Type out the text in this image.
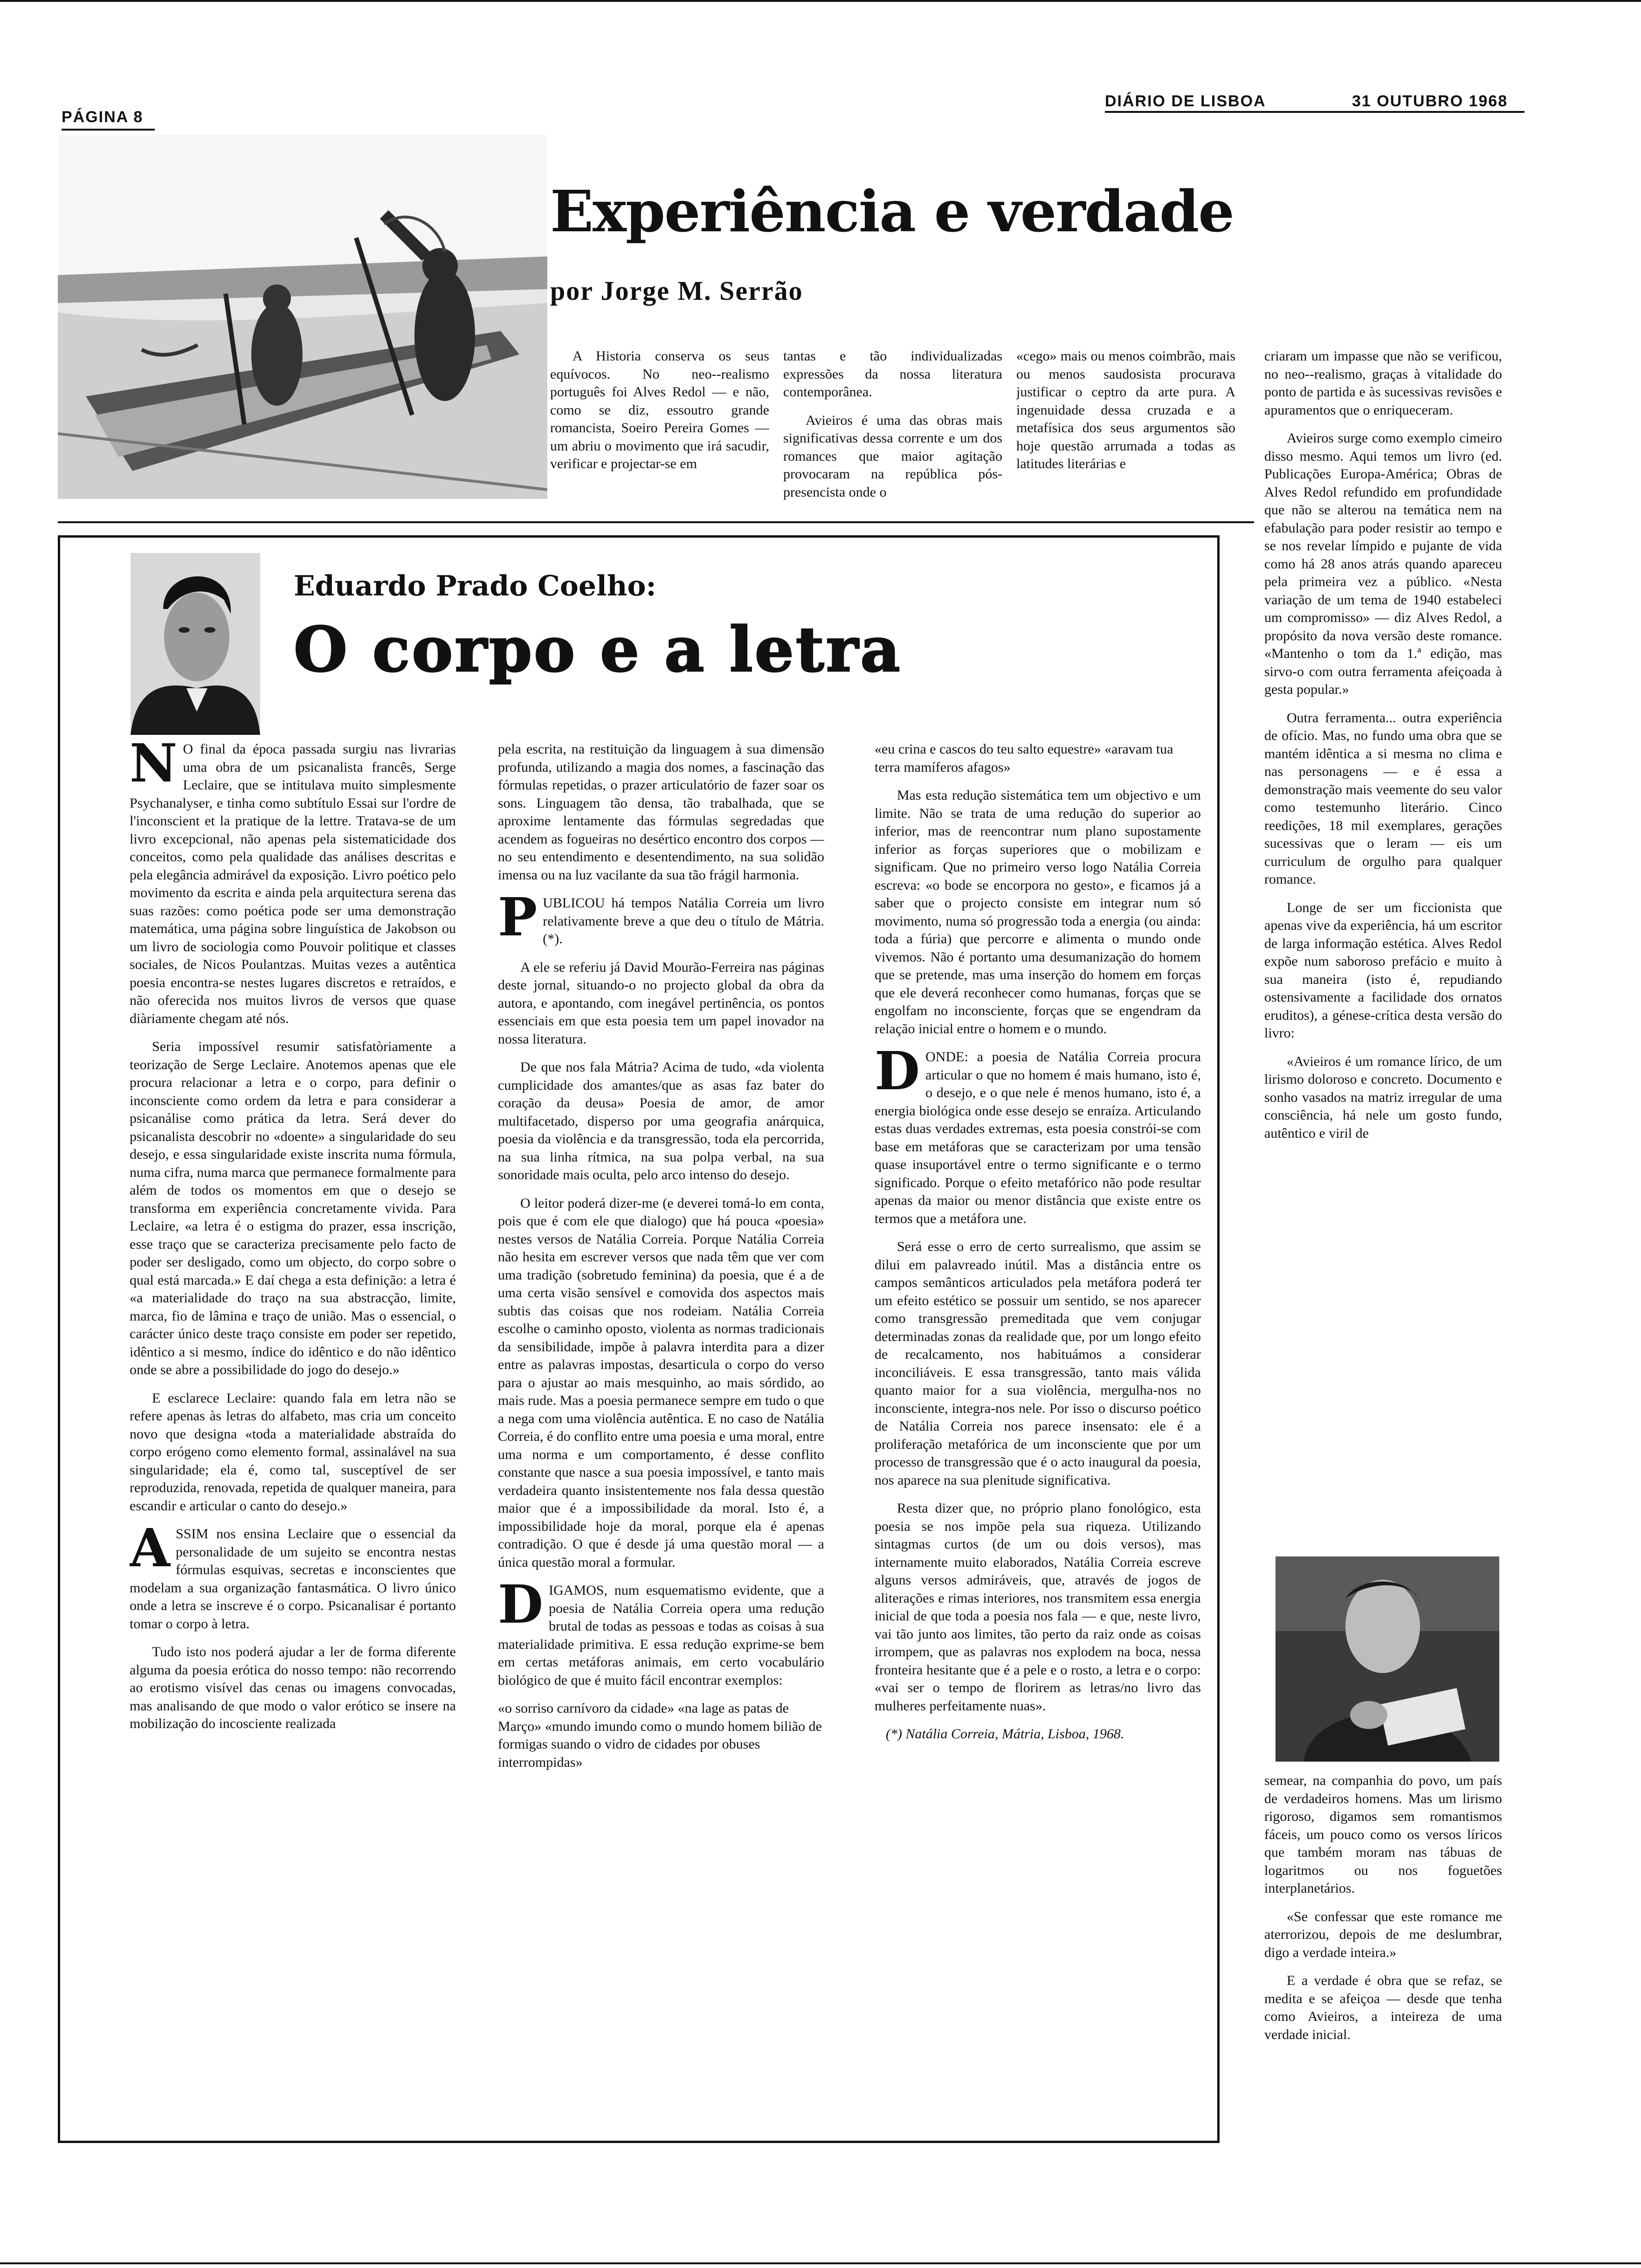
PÁGINA 8
DIÁRIO DE LISBOA	31 OUTUBRO 1968
Experiência e verdade
por Jorge M. Serrão

A Historia conserva os seus equívocos. No neo--realismo português foi Alves Redol — e não, como se diz, essoutro grande romancista, Soeiro Pereira Gomes — um abriu o movimento que irá sacudir, verificar e projectar-se em

tantas e tão individualizadas expressões da nossa literatura contemporânea.

Avieiros é uma das obras mais significativas dessa corrente e um dos romances que maior agitação provocaram na república pós-presencista onde o

«cego» mais ou menos coimbrão, mais ou menos saudosista procurava justificar o ceptro da arte pura. A ingenuidade dessa cruzada e a metafísica dos seus argumentos são hoje questão arrumada a todas as latitudes literárias e

criaram um impasse que não se verificou, no neo--realismo, graças à vitalidade do ponto de partida e às sucessivas revisões e apuramentos que o enriqueceram.

Avieiros surge como exemplo cimeiro disso mesmo. Aqui temos um livro (ed. Publicações Europa-América; Obras de Alves Redol refundido em profundidade que não se alterou na temática nem na efabulação para poder resistir ao tempo e se nos revelar límpido e pujante de vida como há 28 anos atrás quando apareceu pela primeira vez a público. «Nesta variação de um tema de 1940 estabeleci um compromisso» — diz Alves Redol, a propósito da nova versão deste romance. «Mantenho o tom da 1.ª edição, mas sirvo-o com outra ferramenta afeiçoada à gesta popular.»

Outra ferramenta... outra experiência de ofício. Mas, no fundo uma obra que se mantém idêntica a si mesma no clima e nas personagens — e é essa a demonstração mais veemente do seu valor como testemunho literário. Cinco reedições, 18 mil exemplares, gerações sucessivas que o leram — eis um curriculum de orgulho para qualquer romance.

Longe de ser um ficcionista que apenas vive da experiência, há um escritor de larga informação estética. Alves Redol expõe num saboroso prefácio e muito à sua maneira (isto é, repudiando ostensivamente a facilidade dos ornatos eruditos), a génese-crítica desta versão do livro:

«Avieiros é um romance lírico, de um lirismo doloroso e concreto. Documento e sonho vasados na matriz irregular de uma consciência, há nele um gosto fundo, autêntico e viril de

semear, na companhia do povo, um país de verdadeiros homens. Mas um lirismo rigoroso, digamos sem romantismos fáceis, um pouco como os versos líricos que também moram nas tábuas de logaritmos ou nos foguetões interplanetários.

«Se confessar que este romance me aterrorizou, depois de me deslumbrar, digo a verdade inteira.»

E a verdade é obra que se refaz, se medita e se afeiçoa — desde que tenha como Avieiros, a inteireza de uma verdade inicial.

Eduardo Prado Coelho:
O corpo e a letra

N O final da época passada surgiu nas livrarias uma obra de um psicanalista francês, Serge Leclaire, que se intitulava muito simplesmente Psychanalyser, e tinha como subtítulo Essai sur l'ordre de l'inconscient et la pratique de la lettre. Tratava-se de um livro excepcional, não apenas pela sistematicidade dos conceitos, como pela qualidade das análises descritas e pela elegância admirável da exposição. Livro poético pelo movimento da escrita e ainda pela arquitectura serena das suas razões: como poética pode ser uma demonstração matemática, uma página sobre linguística de Jakobson ou um livro de sociologia como Pouvoir politique et classes sociales, de Nicos Poulantzas. Muitas vezes a autêntica poesia encontra-se nestes lugares discretos e retraídos, e não oferecida nos muitos livros de versos que quase diàriamente chegam até nós.

Seria impossível resumir satisfatòriamente a teorização de Serge Leclaire. Anotemos apenas que ele procura relacionar a letra e o corpo, para definir o inconsciente como ordem da letra e para considerar a psicanálise como prática da letra. Será dever do psicanalista descobrir no «doente» a singularidade do seu desejo, e essa singularidade existe inscrita numa fórmula, numa cifra, numa marca que permanece formalmente para além de todos os momentos em que o desejo se transforma em experiência concretamente vivida. Para Leclaire, «a letra é o estigma do prazer, essa inscrição, esse traço que se caracteriza precisamente pelo facto de poder ser desligado, como um objecto, do corpo sobre o qual está marcada.» E daí chega a esta definição: a letra é «a materialidade do traço na sua abstracção, limite, marca, fio de lâmina e traço de união. Mas o essencial, o carácter único deste traço consiste em poder ser repetido, idêntico a si mesmo, índice do idêntico e do não idêntico onde se abre a possibilidade do jogo do desejo.»

E esclarece Leclaire: quando fala em letra não se refere apenas às letras do alfabeto, mas cria um conceito novo que designa «toda a materialidade abstraída do corpo erógeno como elemento formal, assinalável na sua singularidade; ela é, como tal, susceptível de ser reproduzida, renovada, repetida de qualquer maneira, para escandir e articular o canto do desejo.»

ASSIM nos ensina Leclaire que o essencial da personalidade de um sujeito se encontra nestas fórmulas esquivas, secretas e inconscientes que modelam a sua organização fantasmática. O livro único onde a letra se inscreve é o corpo. Psicanalisar é portanto tomar o corpo à letra.

Tudo isto nos poderá ajudar a ler de forma diferente alguma da poesia erótica do nosso tempo: não recorrendo ao erotismo visível das cenas ou imagens convocadas, mas analisando de que modo o valor erótico se insere na mobilização do incosciente realizada

pela escrita, na restituição da linguagem à sua dimensão profunda, utilizando a magia dos nomes, a fascinação das fórmulas repetidas, o prazer articulatório de fazer soar os sons. Linguagem tão densa, tão trabalhada, que se aproxime lentamente das fórmulas segredadas que acendem as fogueiras no desértico encontro dos corpos — no seu entendimento e desentendimento, na sua solidão imensa ou na luz vacilante da sua tão frágil harmonia.

PUBLICOU há tempos Natália Correia um livro relativamente breve a que deu o título de Mátria. (*).

A ele se referiu já David Mourão-Ferreira nas páginas deste jornal, situando-o no projecto global da obra da autora, e apontando, com inegável pertinência, os pontos essenciais em que esta poesia tem um papel inovador na nossa literatura.

De que nos fala Mátria? Acima de tudo, «da violenta cumplicidade dos amantes/que as asas faz bater do coração da deusa» Poesia de amor, de amor multifacetado, disperso por uma geografia anárquica, poesia da violência e da transgressão, toda ela percorrida, na sua linha rítmica, na sua polpa verbal, na sua sonoridade mais oculta, pelo arco intenso do desejo.

O leitor poderá dizer-me (e deverei tomá-lo em conta, pois que é com ele que dialogo) que há pouca «poesia» nestes versos de Natália Correia. Porque Natália Correia não hesita em escrever versos que nada têm que ver com uma tradição (sobretudo feminina) da poesia, que é a de uma certa visão sensível e comovida dos aspectos mais subtis das coisas que nos rodeiam. Natália Correia escolhe o caminho oposto, violenta as normas tradicionais da sensibilidade, impõe à palavra interdita para a dizer entre as palavras impostas, desarticula o corpo do verso para o ajustar ao mais mesquinho, ao mais sórdido, ao mais rude. Mas a poesia permanece sempre em tudo o que a nega com uma violência autêntica. E no caso de Natália Correia, é do conflito entre uma poesia e uma moral, entre uma norma e um comportamento, é desse conflito constante que nasce a sua poesia impossível, e tanto mais verdadeira quanto insistentemente nos fala dessa questão maior que é a impossibilidade da moral. Isto é, a impossibilidade hoje da moral, porque ela é apenas contradição. O que é desde já uma questão moral — a única questão moral a formular.

DIGAMOS, num esquematismo evidente, que a poesia de Natália Correia opera uma redução brutal de todas as pessoas e todas as coisas à sua materialidade primitiva. E essa redução exprime-se bem em certas metáforas animais, em certo vocabulário biológico de que é muito fácil encontrar exemplos:

«o sorriso carnívoro da cidade» «na lage as patas de Março» «mundo imundo como o mundo homem bilião de formigas suando o vidro de cidades por obuses interrompidas»

«eu crina e cascos do teu salto equestre» «aravam tua terra mamíferos afagos»

Mas esta redução sistemática tem um objectivo e um limite. Não se trata de uma redução do superior ao inferior, mas de reencontrar num plano supostamente inferior as forças superiores que o mobilizam e significam. Que no primeiro verso logo Natália Correia escreva: «o bode se encorpora no gesto», e ficamos já a saber que o projecto consiste em integrar num só movimento, numa só progressão toda a energia (ou ainda: toda a fúria) que percorre e alimenta o mundo onde vivemos. Não é portanto uma desumanização do homem que se pretende, mas uma inserção do homem em forças que ele deverá reconhecer como humanas, forças que se engolfam no inconsciente, forças que se engendram da relação inicial entre o homem e o mundo.

DONDE: a poesia de Natália Correia procura articular o que no homem é mais humano, isto é, o desejo, e o que nele é menos humano, isto é, a energia biológica onde esse desejo se enraíza. Articulando estas duas verdades extremas, esta poesia constrói-se com base em metáforas que se caracterizam por uma tensão quase insuportável entre o termo significante e o termo significado. Porque o efeito metafórico não pode resultar apenas da maior ou menor distância que existe entre os termos que a metáfora une.

Será esse o erro de certo surrealismo, que assim se dilui em palavreado inútil. Mas a distância entre os campos semânticos articulados pela metáfora poderá ter um efeito estético se possuir um sentido, se nos aparecer como transgressão premeditada que vem conjugar determinadas zonas da realidade que, por um longo efeito de recalcamento, nos habituámos a considerar inconciliáveis. E essa transgressão, tanto mais válida quanto maior for a sua violência, mergulha-nos no inconsciente, integra-nos nele. Por isso o discurso poético de Natália Correia nos parece insensato: ele é a proliferação metafórica de um inconsciente que por um processo de transgressão que é o acto inaugural da poesia, nos aparece na sua plenitude significativa.

Resta dizer que, no próprio plano fonológico, esta poesia se nos impõe pela sua riqueza. Utilizando sintagmas curtos (de um ou dois versos), mas internamente muito elaborados, Natália Correia escreve alguns versos admiráveis, que, através de jogos de aliterações e rimas interiores, nos transmitem essa energia inicial de que toda a poesia nos fala — e que, neste livro, vai tão junto aos limites, tão perto da raiz onde as coisas irrompem, que as palavras nos explodem na boca, nessa fronteira hesitante que é a pele e o rosto, a letra e o corpo: «vai ser o tempo de florirem as letras/no livro das mulheres perfeitamente nuas».

(*) Natália Correia, Mátria, Lisboa, 1968.
